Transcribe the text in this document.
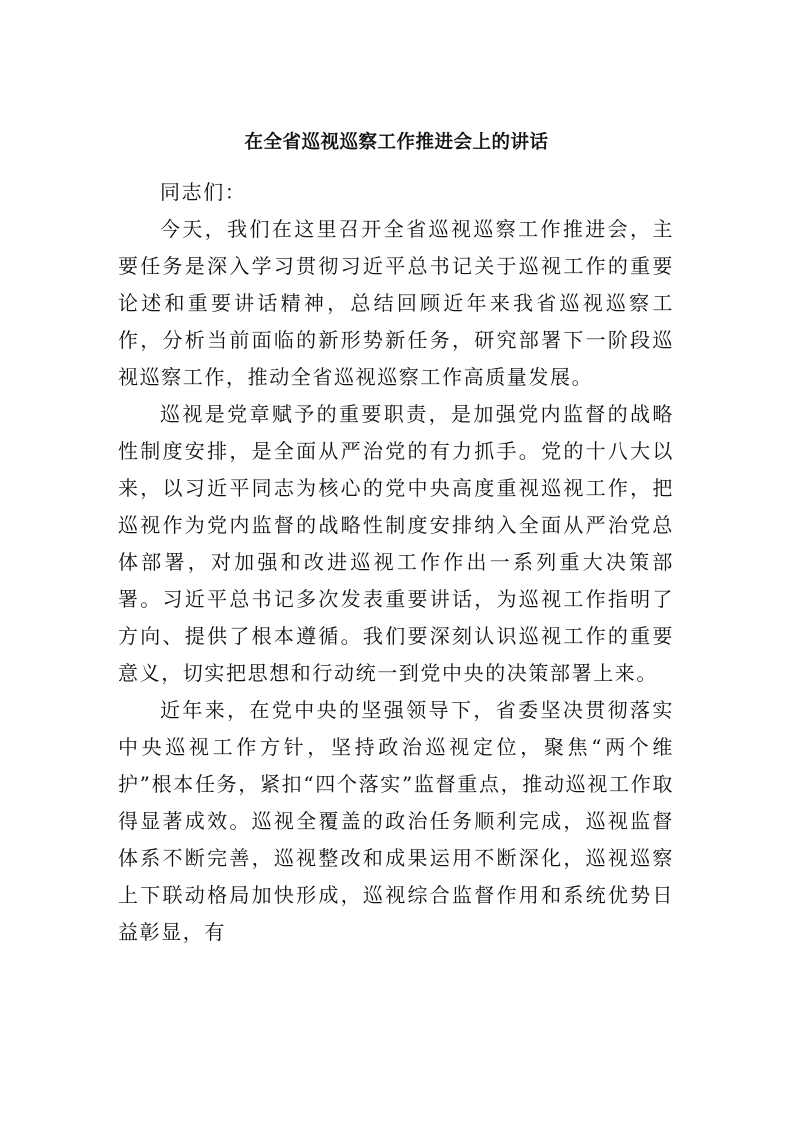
在全省巡视巡察工作推进会上的讲话

同志们：

今天，我们在这里召开全省巡视巡察工作推进会，主要任务是深入学习贯彻习近平总书记关于巡视工作的重要论述和重要讲话精神，总结回顾近年来我省巡视巡察工作，分析当前面临的新形势新任务，研究部署下一阶段巡视巡察工作，推动全省巡视巡察工作高质量发展。

巡视是党章赋予的重要职责，是加强党内监督的战略性制度安排，是全面从严治党的有力抓手。党的十八大以来，以习近平同志为核心的党中央高度重视巡视工作，把巡视作为党内监督的战略性制度安排纳入全面从严治党总体部署，对加强和改进巡视工作作出一系列重大决策部署。习近平总书记多次发表重要讲话，为巡视工作指明了方向、提供了根本遵循。我们要深刻认识巡视工作的重要意义，切实把思想和行动统一到党中央的决策部署上来。

近年来，在党中央的坚强领导下，省委坚决贯彻落实中央巡视工作方针，坚持政治巡视定位，聚焦“两个维护”根本任务，紧扣“四个落实”监督重点，推动巡视工作取得显著成效。巡视全覆盖的政治任务顺利完成，巡视监督体系不断完善，巡视整改和成果运用不断深化，巡视巡察上下联动格局加快形成，巡视综合监督作用和系统优势日益彰显，有
